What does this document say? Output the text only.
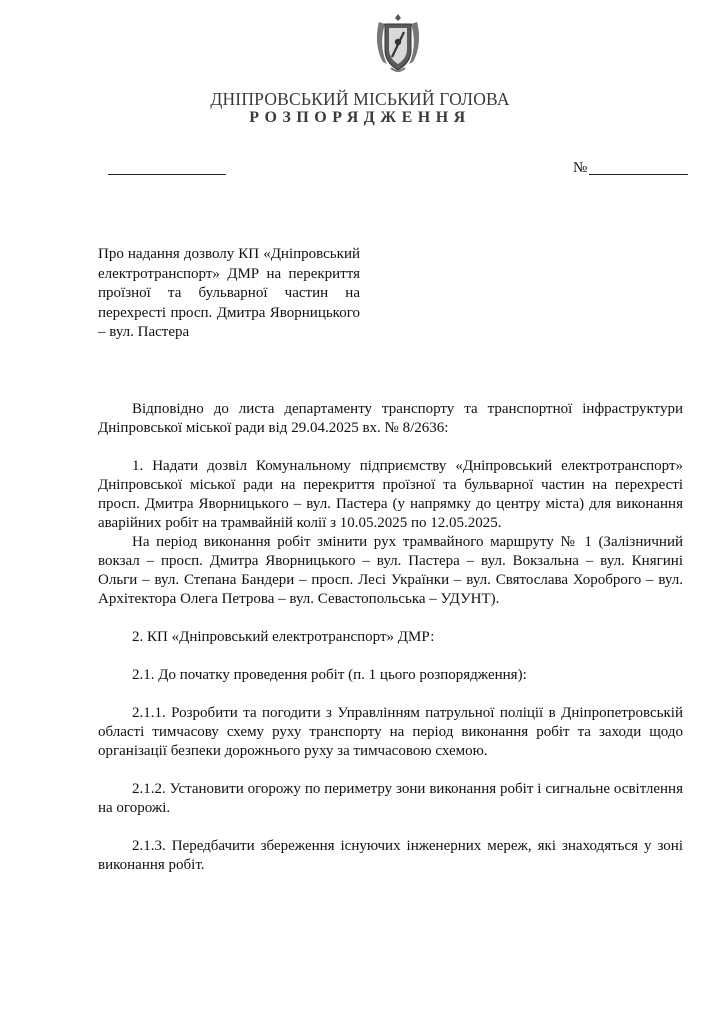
ДНІПРОВСЬКИЙ МІСЬКИЙ ГОЛОВА
РОЗПОРЯДЖЕННЯ
№
Про надання дозволу КП «Дніпровський електротранспорт» ДМР на перекриття проїзної та бульварної частин на перехресті просп. Дмитра Яворницького – вул. Пастера

Відповідно до листа департаменту транспорту та транспортної інфраструктури Дніпровської міської ради від 29.04.2025 вх. № 8/2636:

1. Надати дозвіл Комунальному підприємству «Дніпровський електротранспорт» Дніпровської міської ради на перекриття проїзної та бульварної частин на перехресті просп. Дмитра Яворницького – вул. Пастера (у напрямку до центру міста) для виконання аварійних робіт на трамвайній колії з 10.05.2025 по 12.05.2025.

На період виконання робіт змінити рух трамвайного маршруту № 1 (Залізничний вокзал – просп. Дмитра Яворницького – вул. Пастера – вул. Вокзальна – вул. Княгині Ольги – вул. Степана Бандери – просп. Лесі Українки – вул. Святослава Хороброго – вул. Архітектора Олега Петрова – вул. Севастопольська – УДУНТ).

2. КП «Дніпровський електротранспорт» ДМР:

2.1. До початку проведення робіт (п. 1 цього розпорядження):

2.1.1. Розробити та погодити з Управлінням патрульної поліції в Дніпропетровській області тимчасову схему руху транспорту на період виконання робіт та заходи щодо організації безпеки дорожнього руху за тимчасовою схемою.

2.1.2. Установити огорожу по периметру зони виконання робіт і сигнальне освітлення на огорожі.

2.1.3. Передбачити збереження існуючих інженерних мереж, які знаходяться у зоні виконання робіт.
